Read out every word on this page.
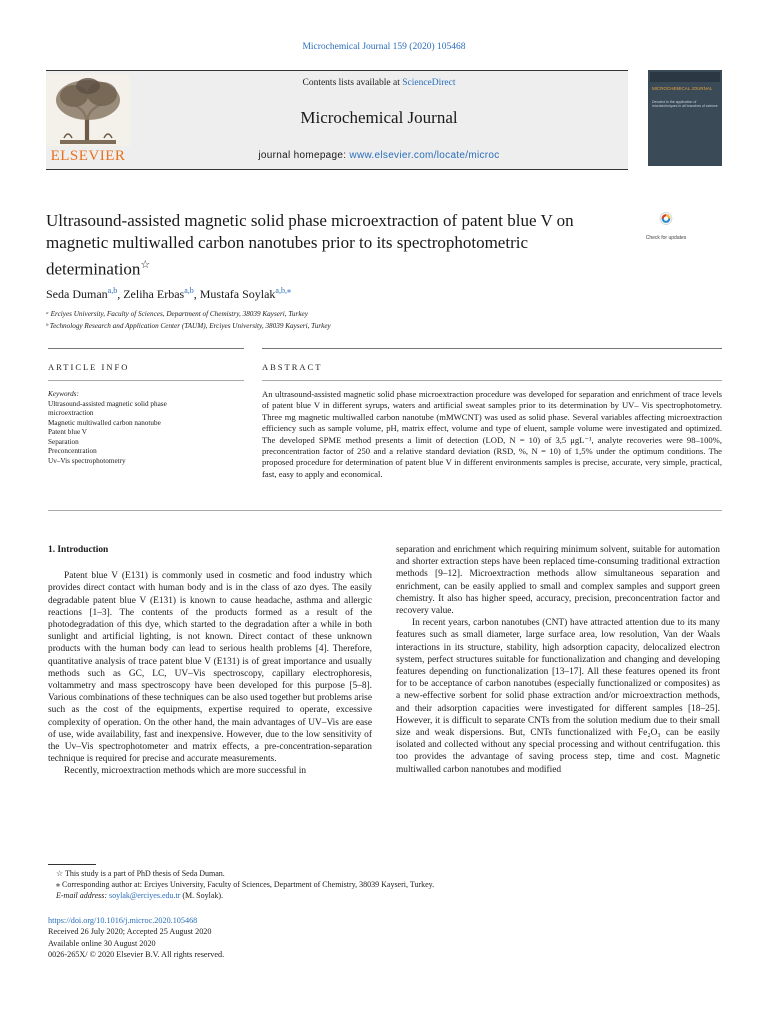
Microchemical Journal 159 (2020) 105468
ELSEVIER
Contents lists available at ScienceDirect
Microchemical Journal
journal homepage: www.elsevier.com/locate/microc
MICROCHEMICAL JOURNAL
Devoted to the application of microtechniques in all branches of science
Ultrasound-assisted magnetic solid phase microextraction of patent blue V on magnetic multiwalled carbon nanotubes prior to its spectrophotometric determination☆
Check for updates
Seda Duman$^{a,b}$, Zeliha Erbas$^{a,b}$, Mustafa Soylak$^{a,b,⁎}$
ᵃ Erciyes University, Faculty of Sciences, Department of Chemistry, 38039 Kayseri, Turkey
ᵇ Technology Research and Application Center (TAUM), Erciyes University, 38039 Kayseri, Turkey
ARTICLE INFO	ABSTRACT
Keywords:
Ultrasound-assisted magnetic solid phase
microextraction
Magnetic multiwalled carbon nanotube
Patent blue V
Separation
Preconcentration
Uv–Vis spectrophotometry
An ultrasound-assisted magnetic solid phase microextraction procedure was developed for separation and enrichment of trace levels of patent blue V in different syrups, waters and artificial sweat samples prior to its determination by UV– Vis spectrophotometry. Three mg magnetic multiwalled carbon nanotube (mMWCNT) was used as solid phase. Several variables affecting microextraction efficiency such as sample volume, pH, matrix effect, volume and type of eluent, sample volume were investigated and optimized. The developed SPME method presents a limit of detection (LOD, N = 10) of 3,5 μgL⁻¹, analyte recoveries were 98–100%, preconcentration factor of 250 and a relative standard deviation (RSD, %, N = 10) of 1,5% under the optimum conditions. The proposed procedure for determination of patent blue V in different environments samples is precise, accurate, very simple, practical, fast, easy to apply and economical.
1. Introduction

Patent blue V (E131) is commonly used in cosmetic and food industry which provides direct contact with human body and is in the class of azo dyes. The easily degradable patent blue V (E131) is known to cause headache, asthma and allergic reactions [1–3]. The contents of the products formed as a result of the photodegradation of this dye, which started to the degradation after a while in both sunlight and artificial lighting, is not known. Direct contact of these unknown products with the human body can lead to serious health problems [4]. Therefore, quantitative analysis of trace patent blue V (E131) is of great importance and usually methods such as GC, LC, UV–Vis spectroscopy, capillary electrophoresis, voltammetry and mass spectroscopy have been developed for this purpose [5–8]. Various combinations of these techniques can be also used together but problems arise such as the cost of the equipments, expertise required to operate, excessive complexity of operation. On the other hand, the main advantages of UV–Vis are ease of use, wide availability, fast and inexpensive. However, due to the low sensitivity of the Uv–Vis spectrophotometer and matrix effects, a pre-concentration-separation technique is required for precise and accurate measurements.

Recently, microextraction methods which are more successful in

separation and enrichment which requiring minimum solvent, suitable for automation and shorter extraction steps have been replaced time-consuming traditional extraction methods [9–12]. Microextraction methods allow simultaneous separation and enrichment, can be easily applied to small and complex samples and support green chemistry. It also has higher speed, accuracy, precision, preconcentration factor and recovery value.

In recent years, carbon nanotubes (CNT) have attracted attention due to its many features such as small diameter, large surface area, low resolution, Van der Waals interactions in its structure, stability, high adsorption capacity, delocalized electron system, perfect structures suitable for functionalization and changing and developing features depending on functionalization [13–17]. All these features opened its front for to be acceptance of carbon nanotubes (especially functionalized or composites) as a new-effective sorbent for solid phase extraction and/or microextraction methods, and their adsorption capacities were investigated for different samples [18–25]. However, it is difficult to separate CNTs from the solution medium due to their small size and weak dispersions. But, CNTs functionalized with Fe₂O₃ can be easily isolated and collected without any special processing and without centrifugation. this too provides the advantage of saving process step, time and cost. Magnetic multiwalled carbon nanotubes and modified

☆ This study is a part of PhD thesis of Seda Duman.
⁎ Corresponding author at: Erciyes University, Faculty of Sciences, Department of Chemistry, 38039 Kayseri, Turkey.
E-mail address: soylak@erciyes.edu.tr (M. Soylak).
https://doi.org/10.1016/j.microc.2020.105468
Received 26 July 2020; Accepted 25 August 2020
Available online 30 August 2020
0026-265X/ © 2020 Elsevier B.V. All rights reserved.
